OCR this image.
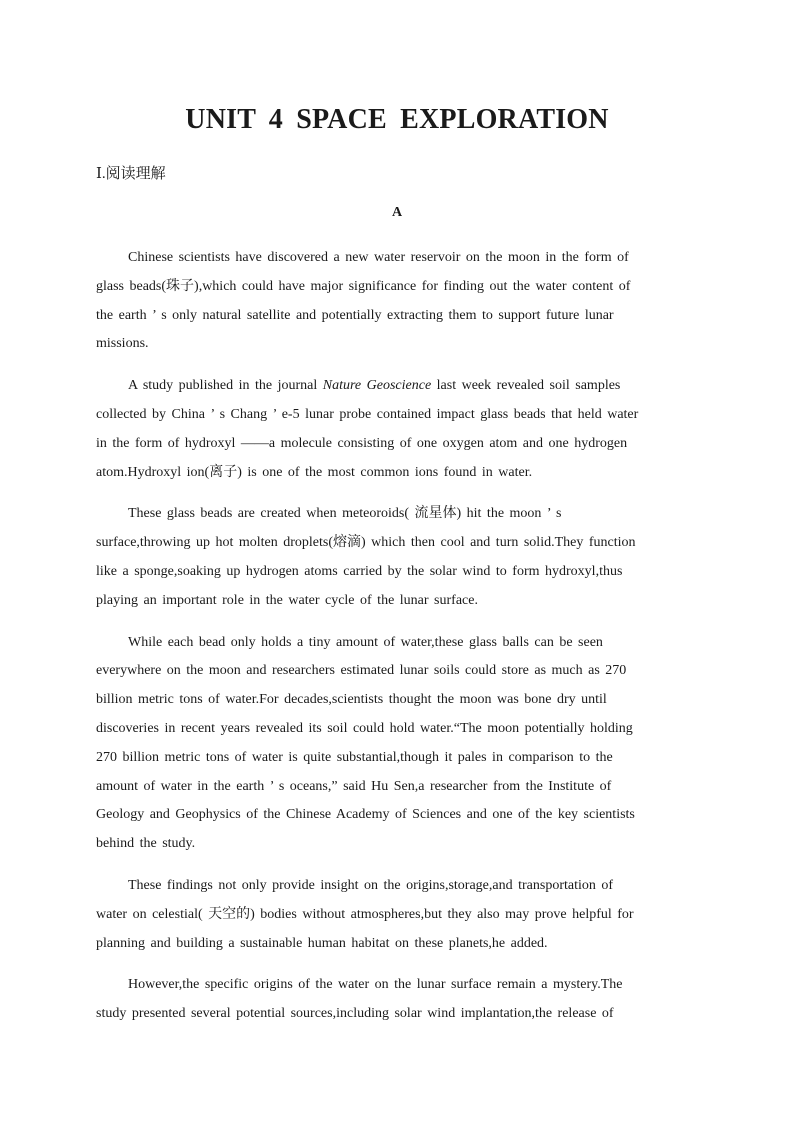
UNIT 4 SPACE EXPLORATION
Ⅰ.阅读理解
A

Chinese scientists have discovered a new water reservoir on the moon in the form of
glass beads(珠子),which could have major significance for finding out the water content of
the earth ’ s only natural satellite and potentially extracting them to support future lunar
missions.

A study published in the journal Nature Geoscience last week revealed soil samples
collected by China ’ s Chang ’ e-5 lunar probe contained impact glass beads that held water
in the form of hydroxyl ——a molecule consisting of one oxygen atom and one hydrogen
atom.Hydroxyl ion(离子) is one of the most common ions found in water.

These glass beads are created when meteoroids( 流星体) hit the moon ’ s
surface,throwing up hot molten droplets(熔滴) which then cool and turn solid.They function
like a sponge,soaking up hydrogen atoms carried by the solar wind to form hydroxyl,thus
playing an important role in the water cycle of the lunar surface.

While each bead only holds a tiny amount of water,these glass balls can be seen
everywhere on the moon and researchers estimated lunar soils could store as much as 270
billion metric tons of water.For decades,scientists thought the moon was bone dry until
discoveries in recent years revealed its soil could hold water.“The moon potentially holding
270 billion metric tons of water is quite substantial,though it pales in comparison to the
amount of water in the earth ’ s oceans,” said Hu Sen,a researcher from the Institute of
Geology and Geophysics of the Chinese Academy of Sciences and one of the key scientists
behind the study.

These findings not only provide insight on the origins,storage,and transportation of
water on celestial( 天空的) bodies without atmospheres,but they also may prove helpful for
planning and building a sustainable human habitat on these planets,he added.

However,the specific origins of the water on the lunar surface remain a mystery.The
study presented several potential sources,including solar wind implantation,the release of
